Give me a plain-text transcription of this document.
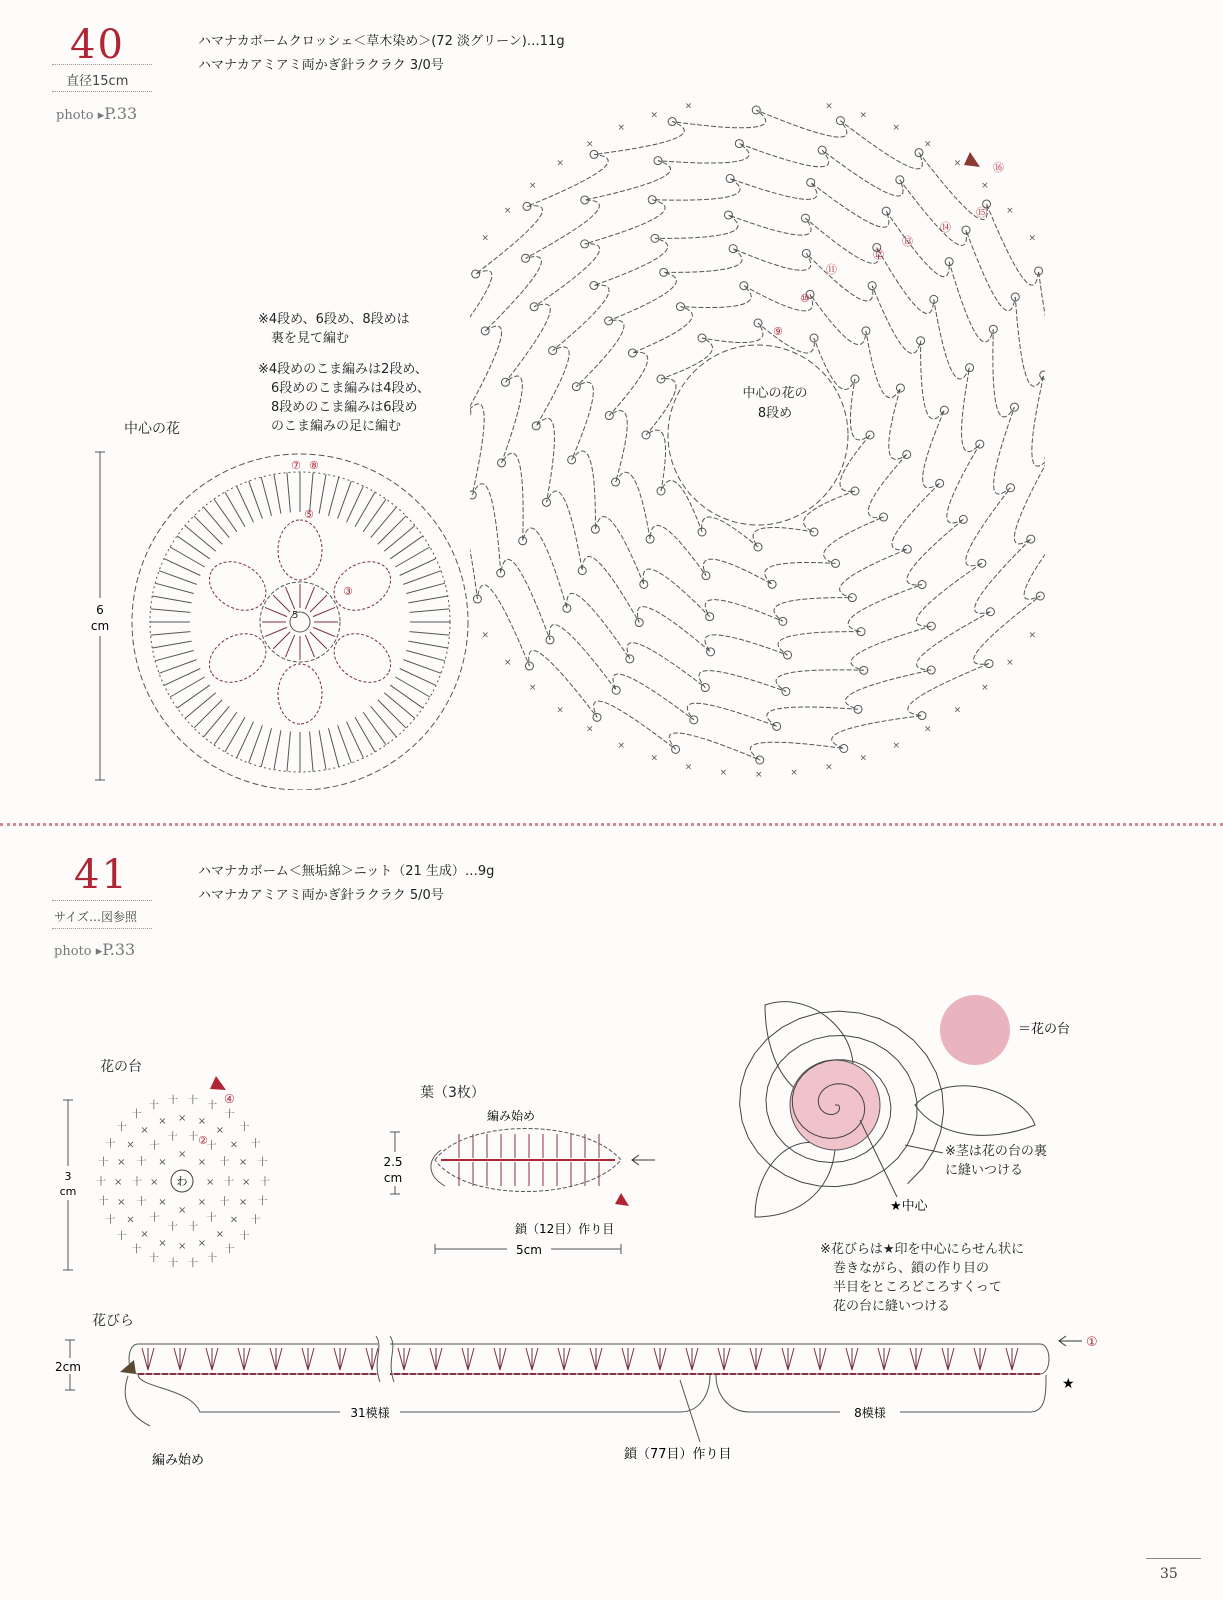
40
直径15cm
photo ▸P.33
ハマナカボームクロッシェ＜草木染め＞(72 淡グリーン)…11g
ハマナカアミアミ両かぎ針ラクラク 3/0号
※4段め、6段め、8段めは
　裏を見て編む
※4段めのこま編みは2段め、
　6段めのこま編みは4段め、
　8段めのこま編みは6段め
　のこま編みの足に編む
中心の花
6
cm
⑦ ⑧
⑤
③
5
×
×
×
×
×
×
×
×
×
×
×
×
×
×
×
×
×
×
×
×
×
×
×
×
×
×
×	×
×
×
×
×
×
×
×
中心の花の
8段め
⑨
⑩
⑪
⑫
⑬
⑭
⑮
⑯
41
サイズ…図参照
photo ▸P.33
ハマナカボーム＜無垢綿＞ニット（21 生成）…9g
ハマナカアミアミ両かぎ針ラクラク 5/0号
花の台
3
cm
×
×
×
×
×
×
×
×
十
十
十
十
十
十
十
十
十
十
十 十
十
十
×
×
×
×
×
×
×
×
×
×
×
×
×
×
× × ×
×
×
×
十
十
十
十
十
十
十
十
十
十
十
十
十
十
十
十
十
十
十 十 十 十
十
十
十
十
わ
④
②
葉（3枚）
編み始め
2.5
cm
鎖（12目）作り目
5cm
＝花の台
★中心
※茎は花の台の裏
に縫いつける
※花びらは★印を中心にらせん状に
　巻きながら、鎖の作り目の
　半目をところどころすくって
　花の台に縫いつける
花びら
2cm
①
★
31模様	8模様
鎖（77目）作り目
編み始め
35
